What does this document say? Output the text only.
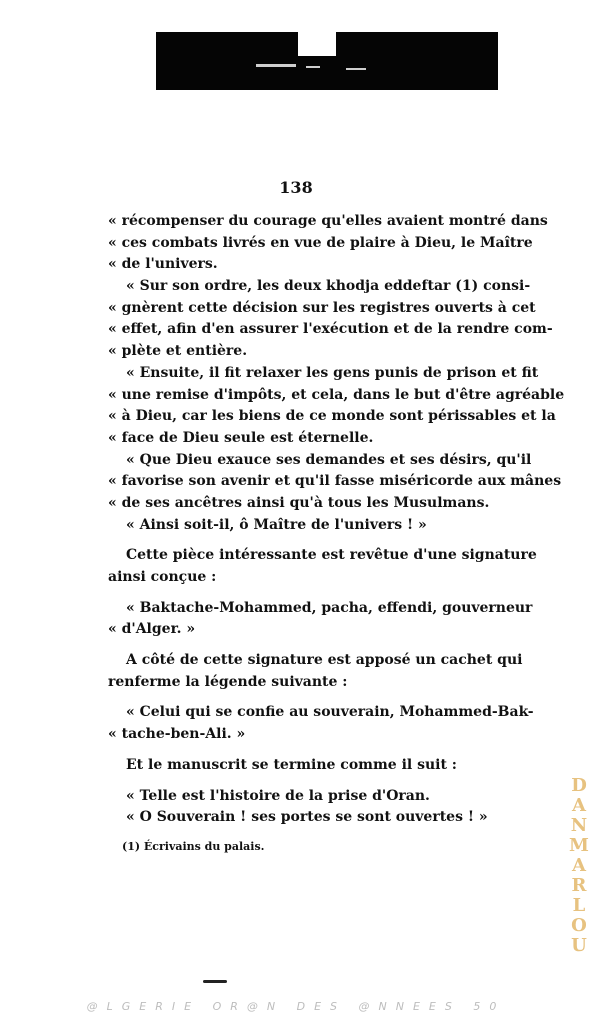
138
« récompenser du courage qu'elles avaient montré dans
« ces combats livrés en vue de plaire à Dieu, le Maître
« de l'univers.
« Sur son ordre, les deux khodja eddeftar (1) consi-
« gnèrent cette décision sur les registres ouverts à cet
« effet, afin d'en assurer l'exécution et de la rendre com-
« plète et entière.
« Ensuite, il fit relaxer les gens punis de prison et fit
« une remise d'impôts, et cela, dans le but d'être agréable
« à Dieu, car les biens de ce monde sont périssables et la
« face de Dieu seule est éternelle.
« Que Dieu exauce ses demandes et ses désirs, qu'il
« favorise son avenir et qu'il fasse miséricorde aux mânes
« de ses ancêtres ainsi qu'à tous les Musulmans.
« Ainsi soit-il, ô Maître de l'univers ! »
Cette pièce intéressante est revêtue d'une signature
ainsi conçue :
« Baktache-Mohammed, pacha, effendi, gouverneur
« d'Alger. »
A côté de cette signature est apposé un cachet qui
renferme la légende suivante :
« Celui qui se confie au souverain, Mohammed-Bak-
« tache-ben-Ali. »
Et le manuscrit se termine comme il suit :
« Telle est l'histoire de la prise d'Oran.
« O Souverain ! ses portes se sont ouvertes ! »
(1) Écrivains du palais.
D
A
N
M
A
R
L
O
U
@LGERIE OR@N DES @NNEES 50
